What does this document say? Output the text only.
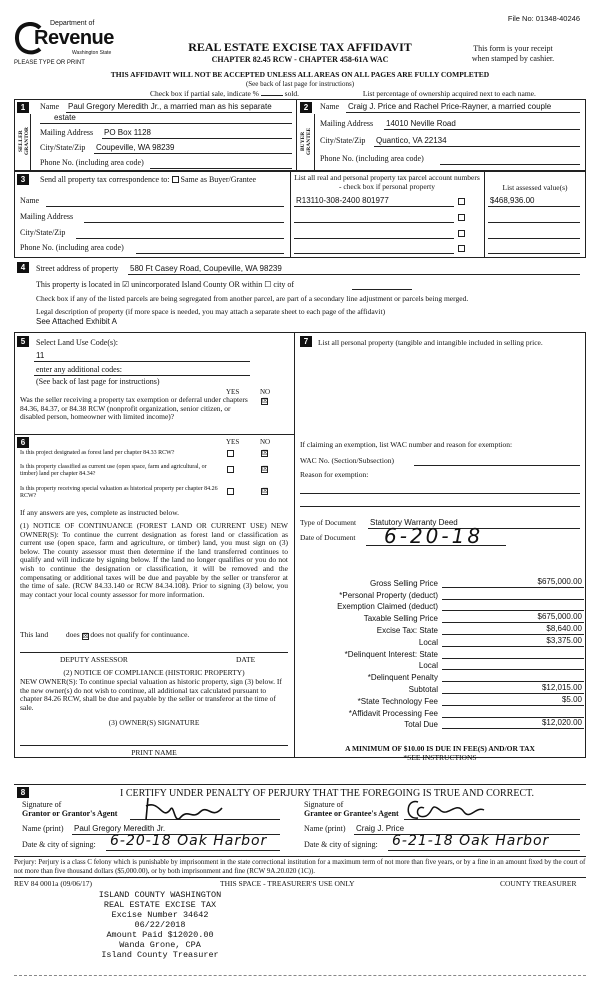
File No: 01348-40246
Department of
Revenue
Washington State
PLEASE TYPE OR PRINT
REAL ESTATE EXCISE TAX AFFIDAVIT
CHAPTER 82.45 RCW - CHAPTER 458-61A WAC
This form is your receipt
when stamped by cashier.
THIS AFFIDAVIT WILL NOT BE ACCEPTED UNLESS ALL AREAS ON ALL PAGES ARE FULLY COMPLETED
(See back of last page for instructions)
Check box if partial sale, indicate %	sold.	List percentage of ownership acquired next to each name.
1
SELLER GRANTOR
Name Paul Gregory Meredith Jr., a married man as his separate
estate
Mailing Address PO Box 1128
City/State/Zip Coupeville, WA 98239
Phone No. (including area code)
2
BUYER GRANTEE
Name Craig J. Price and Rachel Price-Rayner, a married couple
Mailing Address 14010 Neville Road
City/State/Zip Quantico, VA 22134
Phone No. (including area code)
3	Send all property tax correspondence to: Same as Buyer/Grantee
Name
Mailing Address
City/State/Zip
Phone No. (including area code)
List all real and personal property tax parcel account numbers - check box if personal property	List assessed value(s)
R13110-308-2400 801977	$468,936.00
4	Street address of property 580 Ft Casey Road, Coupeville, WA 98239
This property is located in ☑ unincorporated Island County OR within ☐ city of
Check box if any of the listed parcels are being segregated from another parcel, are part of a secondary line adjustment or parcels being merged.
Legal description of property (if more space is needed, you may attach a separate sheet to each page of the affidavit)
See Attached Exhibit A
5	Select Land Use Code(s):
11
enter any additional codes:
(See back of last page for instructions)
YES	NO
Was the seller receiving a property tax exemption or deferral under chapters 84.36, 84.37, or 84.38 RCW (nonprofit organization, senior citizen, or disabled person, homeowner with limited income)?
☒
6	YES	NO
Is this project designated as forest land per chapter 84.33 RCW?	☒
Is this property classified as current use (open space, farm and agricultural, or timber) land per chapter 84.34?
☒
Is this property receiving special valuation as historical property per chapter 84.26 RCW?
☒
If any answers are yes, complete as instructed below.
(1) NOTICE OF CONTINUANCE (FOREST LAND OR CURRENT USE) NEW OWNER(S): To continue the current designation as forest land or classification as current use (open space, farm and agriculture, or timber) land, you must sign on (3) below. The county assessor must then determine if the land transferred continues to qualify and will indicate by signing below. If the land no longer qualifies or you do not wish to continue the designation or classification, it will be removed and the compensating or additional taxes will be due and payable by the seller or transferor at the time of sale. (RCW 84.33.140 or RCW 84.34.108). Prior to signing (3) below, you may contact your local county assessor for more information.
This land does ☒ does not qualify for continuance.
DEPUTY ASSESSOR	DATE
(2) NOTICE OF COMPLIANCE (HISTORIC PROPERTY)
NEW OWNER(S): To continue special valuation as historic property, sign (3) below. If the new owner(s) do not wish to continue, all additional tax calculated pursuant to chapter 84.26 RCW, shall be due and payable by the seller or transferor at the time of sale.
(3) OWNER(S) SIGNATURE
PRINT NAME
7	List all personal property (tangible and intangible included in selling price.
If claiming an exemption, list WAC number and reason for exemption:
WAC No. (Section/Subsection)
Reason for exemption:
Type of Document Statutory Warranty Deed
Date of Document 6-20-18
Gross Selling Price	$675,000.00
*Personal Property (deduct)
Exemption Claimed (deduct)
Taxable Selling Price	$675,000.00
Excise Tax: State	$8,640.00
Local	$3,375.00
*Delinquent Interest: State
Local
*Delinquent Penalty
Subtotal	$12,015.00
*State Technology Fee	$5.00
*Affidavit Processing Fee
Total Due	$12,020.00
A MINIMUM OF $10.00 IS DUE IN FEE(S) AND/OR TAX
*SEE INSTRUCTIONS
8	I CERTIFY UNDER PENALTY OF PERJURY THAT THE FOREGOING IS TRUE AND CORRECT.
Signature of
Grantor or Grantor's Agent
Signature of
Grantee or Grantee's Agent
Name (print) Paul Gregory Meredith Jr.	Name (print) Craig J. Price
Date & city of signing: 6-20-18 Oak Harbor	Date & city of signing: 6-21-18 Oak Harbor
Perjury: Perjury is a class C felony which is punishable by imprisonment in the state correctional institution for a maximum term of not more than five years, or by a fine in an amount fixed by the court of not more than five thousand dollars ($5,000.00), or by both imprisonment and fine (RCW 9A.20.020 (1C)).
REV 84 0001a (09/06/17)	THIS SPACE - TREASURER'S USE ONLY	COUNTY TREASURER
ISLAND COUNTY WASHINGTON
REAL ESTATE EXCISE TAX
Excise Number 34642
06/22/2018
Amount Paid $12020.00
Wanda Grone, CPA
Island County Treasurer
